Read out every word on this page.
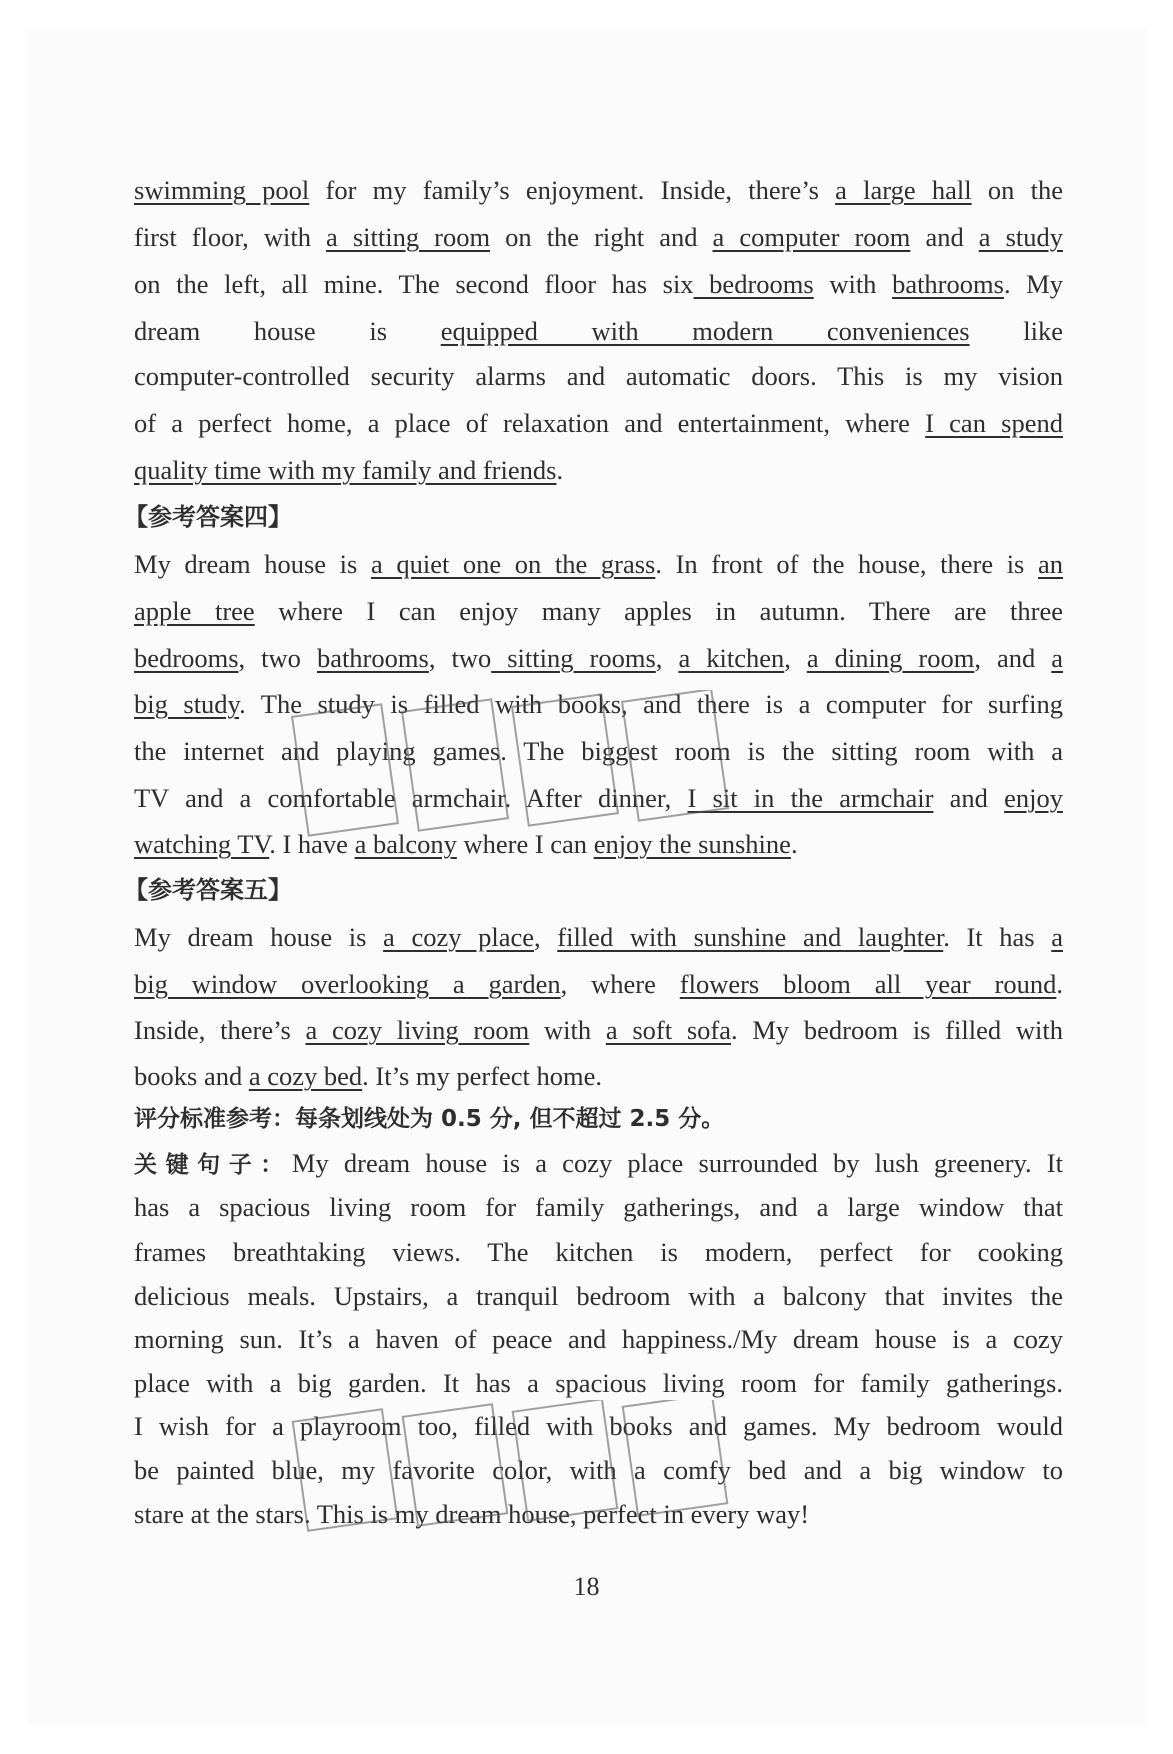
swimming pool for my family’s enjoyment. Inside, there’s a large hall on the
first floor, with a sitting room on the right and a computer room and a study
on the left, all mine. The second floor has six bedrooms with bathrooms. My
dream house is equipped with modern conveniences like
computer-controlled security alarms and automatic doors. This is my vision
of a perfect home, a place of relaxation and entertainment, where I can spend
quality time with my family and friends.
My dream house is a quiet one on the grass. In front of the house, there is an
apple tree where I can enjoy many apples in autumn. There are three
bedrooms, two bathrooms, two sitting rooms, a kitchen, a dining room, and a
big study. The study is filled with books, and there is a computer for surfing
the internet and playing games. The biggest room is the sitting room with a
TV and a comfortable armchair. After dinner, I sit in the armchair and enjoy
watching TV. I have a balcony where I can enjoy the sunshine.
My dream house is a cozy place, filled with sunshine and laughter. It has a
big window overlooking a garden, where flowers bloom all year round.
Inside, there’s a cozy living room with a soft sofa. My bedroom is filled with
books and a cozy bed. It’s my perfect home.
关键句子：My dream house is a cozy place surrounded by lush greenery. It
has a spacious living room for family gatherings, and a large window that
frames breathtaking views. The kitchen is modern, perfect for cooking
delicious meals. Upstairs, a tranquil bedroom with a balcony that invites the
morning sun. It’s a haven of peace and happiness./My dream house is a cozy
place with a big garden. It has a spacious living room for family gatherings.
I wish for a playroom too, filled with books and games. My bedroom would
be painted blue, my favorite color, with a comfy bed and a big window to
stare at the stars. This is my dream house, perfect in every way!
【参考答案四】
【参考答案五】
评分标准参考：每条划线处为 0.5 分, 但不超过 2.5 分。
18
